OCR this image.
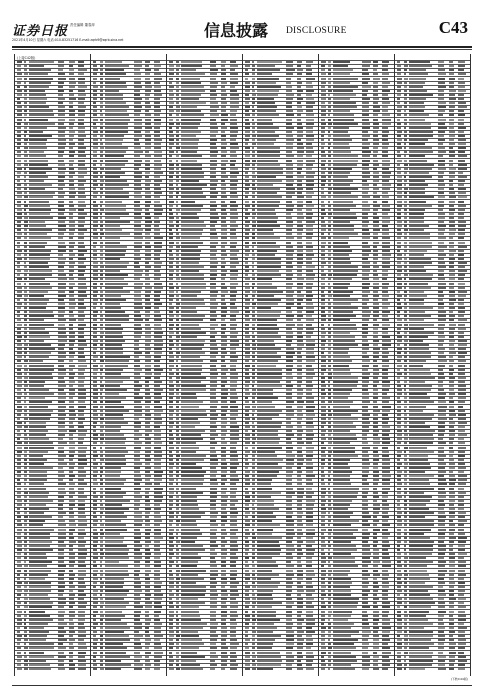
证券日报 责任编辑 董春萍
2021年4月10日 星期六 电话:010-83251716 E-mail:zqrb9@zqrb.sina.net	信息披露 DISCLOSURE	C43
(上接C42版)
(下转C44版)
